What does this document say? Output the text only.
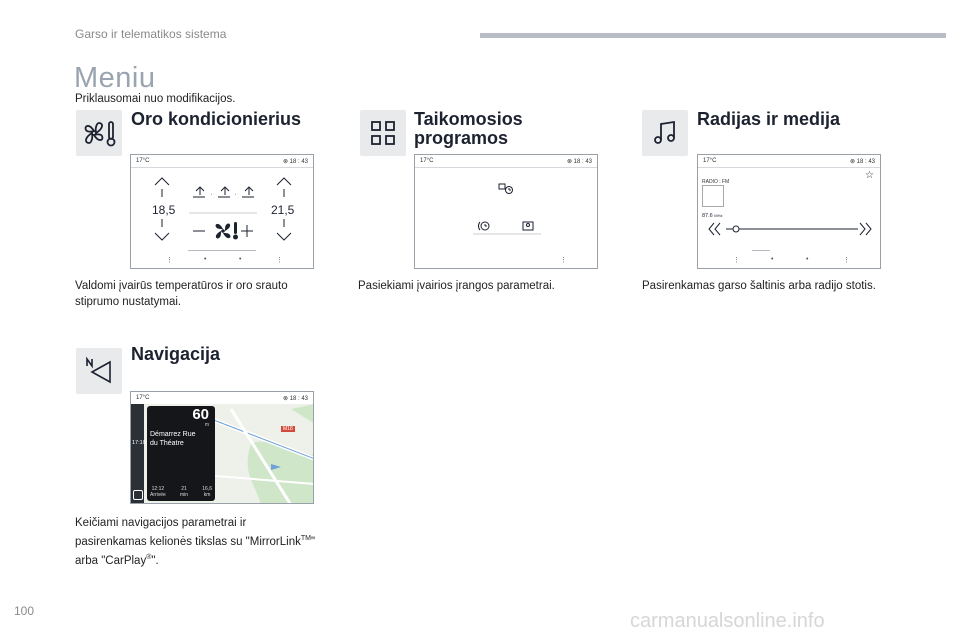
Garso ir telematikos sistema
Meniu
Priklausomai nuo modifikacijos.
Oro kondicionierius
17°C	⊗ 18 : 43
•	•
18,5	21,5
⋮	•	•	⋮
Valdomi įvairūs temperatūros ir oro srauto stiprumo nustatymai.
Taikomosios
programos
17°C	⊗ 18 : 43
⋮
Pasiekiami įvairios įrangos parametrai.
Radijas ir medija
17°C	⊗ 18 : 43
RADIO : FM
☆
87.6 MHz
⋮	•	•	⋮
Pasirenkamas garso šaltinis arba radijo stotis.
Navigacija
17°C	⊗ 18 : 43
M18
17:10
60
m
Démarrez Rue
du Théatre
12:12
Arrivée
21
min
16,6
km
Keičiami navigacijos parametrai ir
pasirenkamas kelionės tikslas su "MirrorLink™"
arba "CarPlay®".
100	carmanualsonline.info
